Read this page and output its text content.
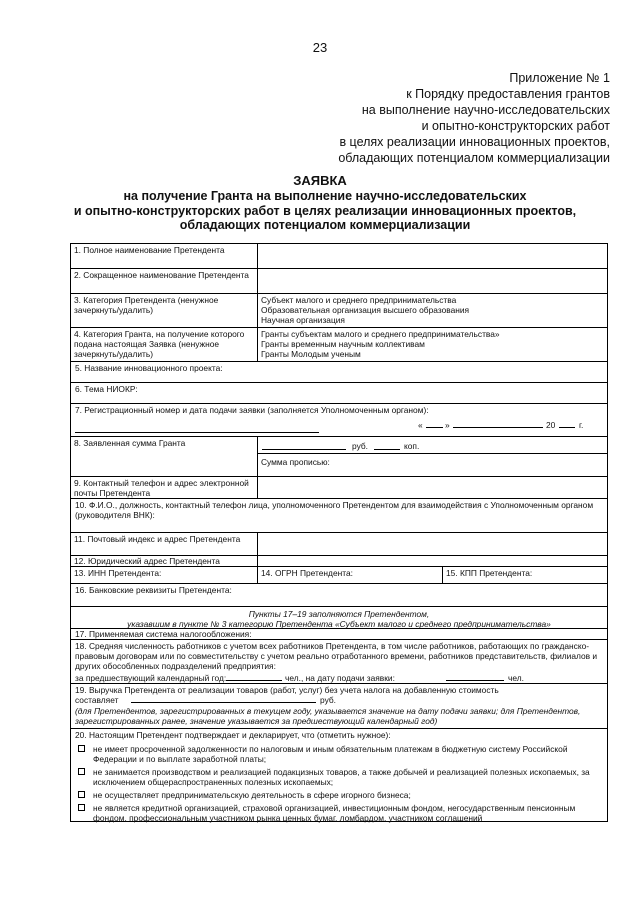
23
Приложение № 1
к Порядку предоставления грантов
на выполнение научно-исследовательских
и опытно-конструкторских работ
в целях реализации инновационных проектов,
обладающих потенциалом коммерциализации
ЗАЯВКА
на получение Гранта на выполнение научно-исследовательских
и опытно-конструкторских работ в целях реализации инновационных проектов,
обладающих потенциалом коммерциализации
1. Полное наименование Претендента
2. Сокращенное наименование Претендента
3. Категория Претендента (ненужное зачеркнуть/удалить)
Субъект малого и среднего предпринимательства
Образовательная организация высшего образования
Научная организация
4. Категория Гранта, на получение которого подана настоящая Заявка (ненужное зачеркнуть/удалить)
Гранты субъектам малого и среднего предпринимательства»
Гранты временным научным коллективам
Гранты Молодым ученым
5. Название инновационного проекта:
6. Тема НИОКР:
7. Регистрационный номер и дата подачи заявки (заполняется Уполномоченным органом):
«	»	20	г.
8. Заявленная сумма Гранта	руб.	коп.
Сумма прописью:
9. Контактный телефон и адрес электронной почты Претендента
10. Ф.И.О., должность, контактный телефон лица, уполномоченного Претендентом для взаимодействия с Уполномоченным органом (руководителя ВНК):
11. Почтовый индекс и адрес Претендента
12. Юридический адрес Претендента
13. ИНН Претендента:	14. ОГРН Претендента:	15. КПП Претендента:
16. Банковские реквизиты Претендента:
Пункты 17–19 заполняются Претендентом,
указавшим в пункте № 3 категорию Претендента «Субъект малого и среднего предпринимательства»
17. Применяемая система налогообложения:
18. Средняя численность работников с учетом всех работников Претендента, в том числе работников, работающих по гражданско-правовым договорам или по совместительству с учетом реально отработанного времени, работников представительств, филиалов и других обособленных подразделений предприятия:
за предшествующий календарный год:	чел., на дату подачи заявки:	чел.
19. Выручка Претендента от реализации товаров (работ, услуг) без учета налога на добавленную стоимость
составляет	руб.
(для Претендентов, зарегистрированных в текущем году, указывается значение на дату подачи заявки; для Претендентов, зарегистрированных ранее, значение указывается за предшествующий календарный год)
20. Настоящим Претендент подтверждает и декларирует, что (отметить нужное):
не имеет просроченной задолженности по налоговым и иным обязательным платежам в бюджетную систему Российской Федерации и по выплате заработной платы;
не занимается производством и реализацией подакцизных товаров, а также добычей и реализацией полезных ископаемых, за исключением общераспространенных полезных ископаемых;
не осуществляет предпринимательскую деятельность в сфере игорного бизнеса;
не является кредитной организацией, страховой организацией, инвестиционным фондом, негосударственным пенсионным фондом, профессиональным участником рынка ценных бумаг, ломбардом, участником соглашений
